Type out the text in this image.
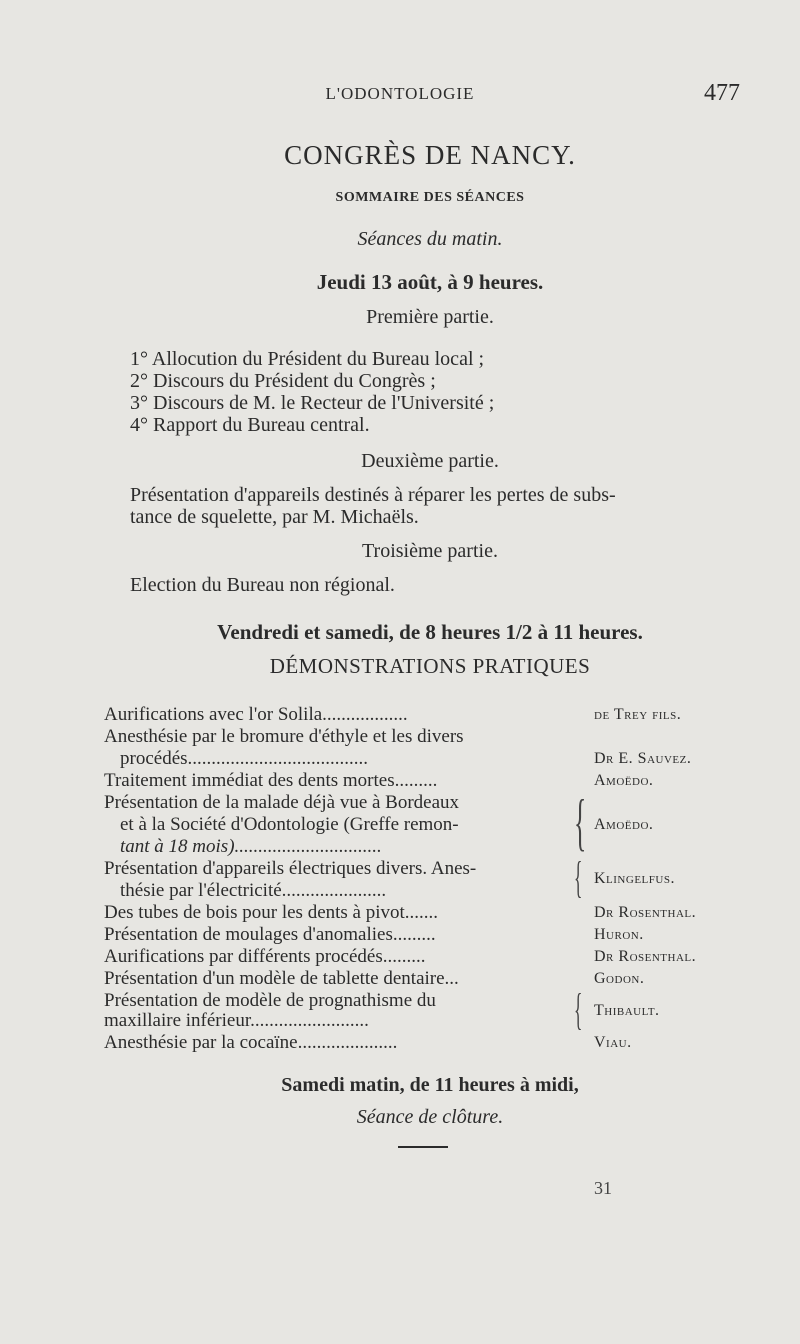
L'ODONTOLOGIE	477
CONGRÈS DE NANCY.
SOMMAIRE DES SÉANCES
Séances du matin.
Jeudi 13 août, à 9 heures.
Première partie.
1° Allocution du Président du Bureau local ;
2° Discours du Président du Congrès ;
3° Discours de M. le Recteur de l'Université ;
4° Rapport du Bureau central.
Deuxième partie.
Présentation d'appareils destinés à réparer les pertes de subs-
tance de squelette, par M. Michaëls.
Troisième partie.
Election du Bureau non régional.
Vendredi et samedi, de 8 heures 1/2 à 11 heures.
DÉMONSTRATIONS PRATIQUES
Aurifications avec l'or Solila..................	de Trey fils.
Anesthésie par le bromure d'éthyle et les divers
procédés......................................	Dr E. Sauvez.
Traitement immédiat des dents mortes.........	Amoëdo.
Présentation de la malade déjà vue à Bordeaux
et à la Société d'Odontologie (Greffe remon-
tant à 18 mois)...............................	{ Amoëdo.
Présentation d'appareils électriques divers. Anes-
thésie par l'électricité......................	{ Klingelfus.
Des tubes de bois pour les dents à pivot.......	Dr Rosenthal.
Présentation de moulages d'anomalies.........	Huron.
Aurifications par différents procédés.........	Dr Rosenthal.
Présentation d'un modèle de tablette dentaire...	Godon.
Présentation de modèle de prognathisme du
maxillaire inférieur.........................	{ Thibault.
Anesthésie par la cocaïne.....................	Viau.
Samedi matin, de 11 heures à midi,
Séance de clôture.
31
